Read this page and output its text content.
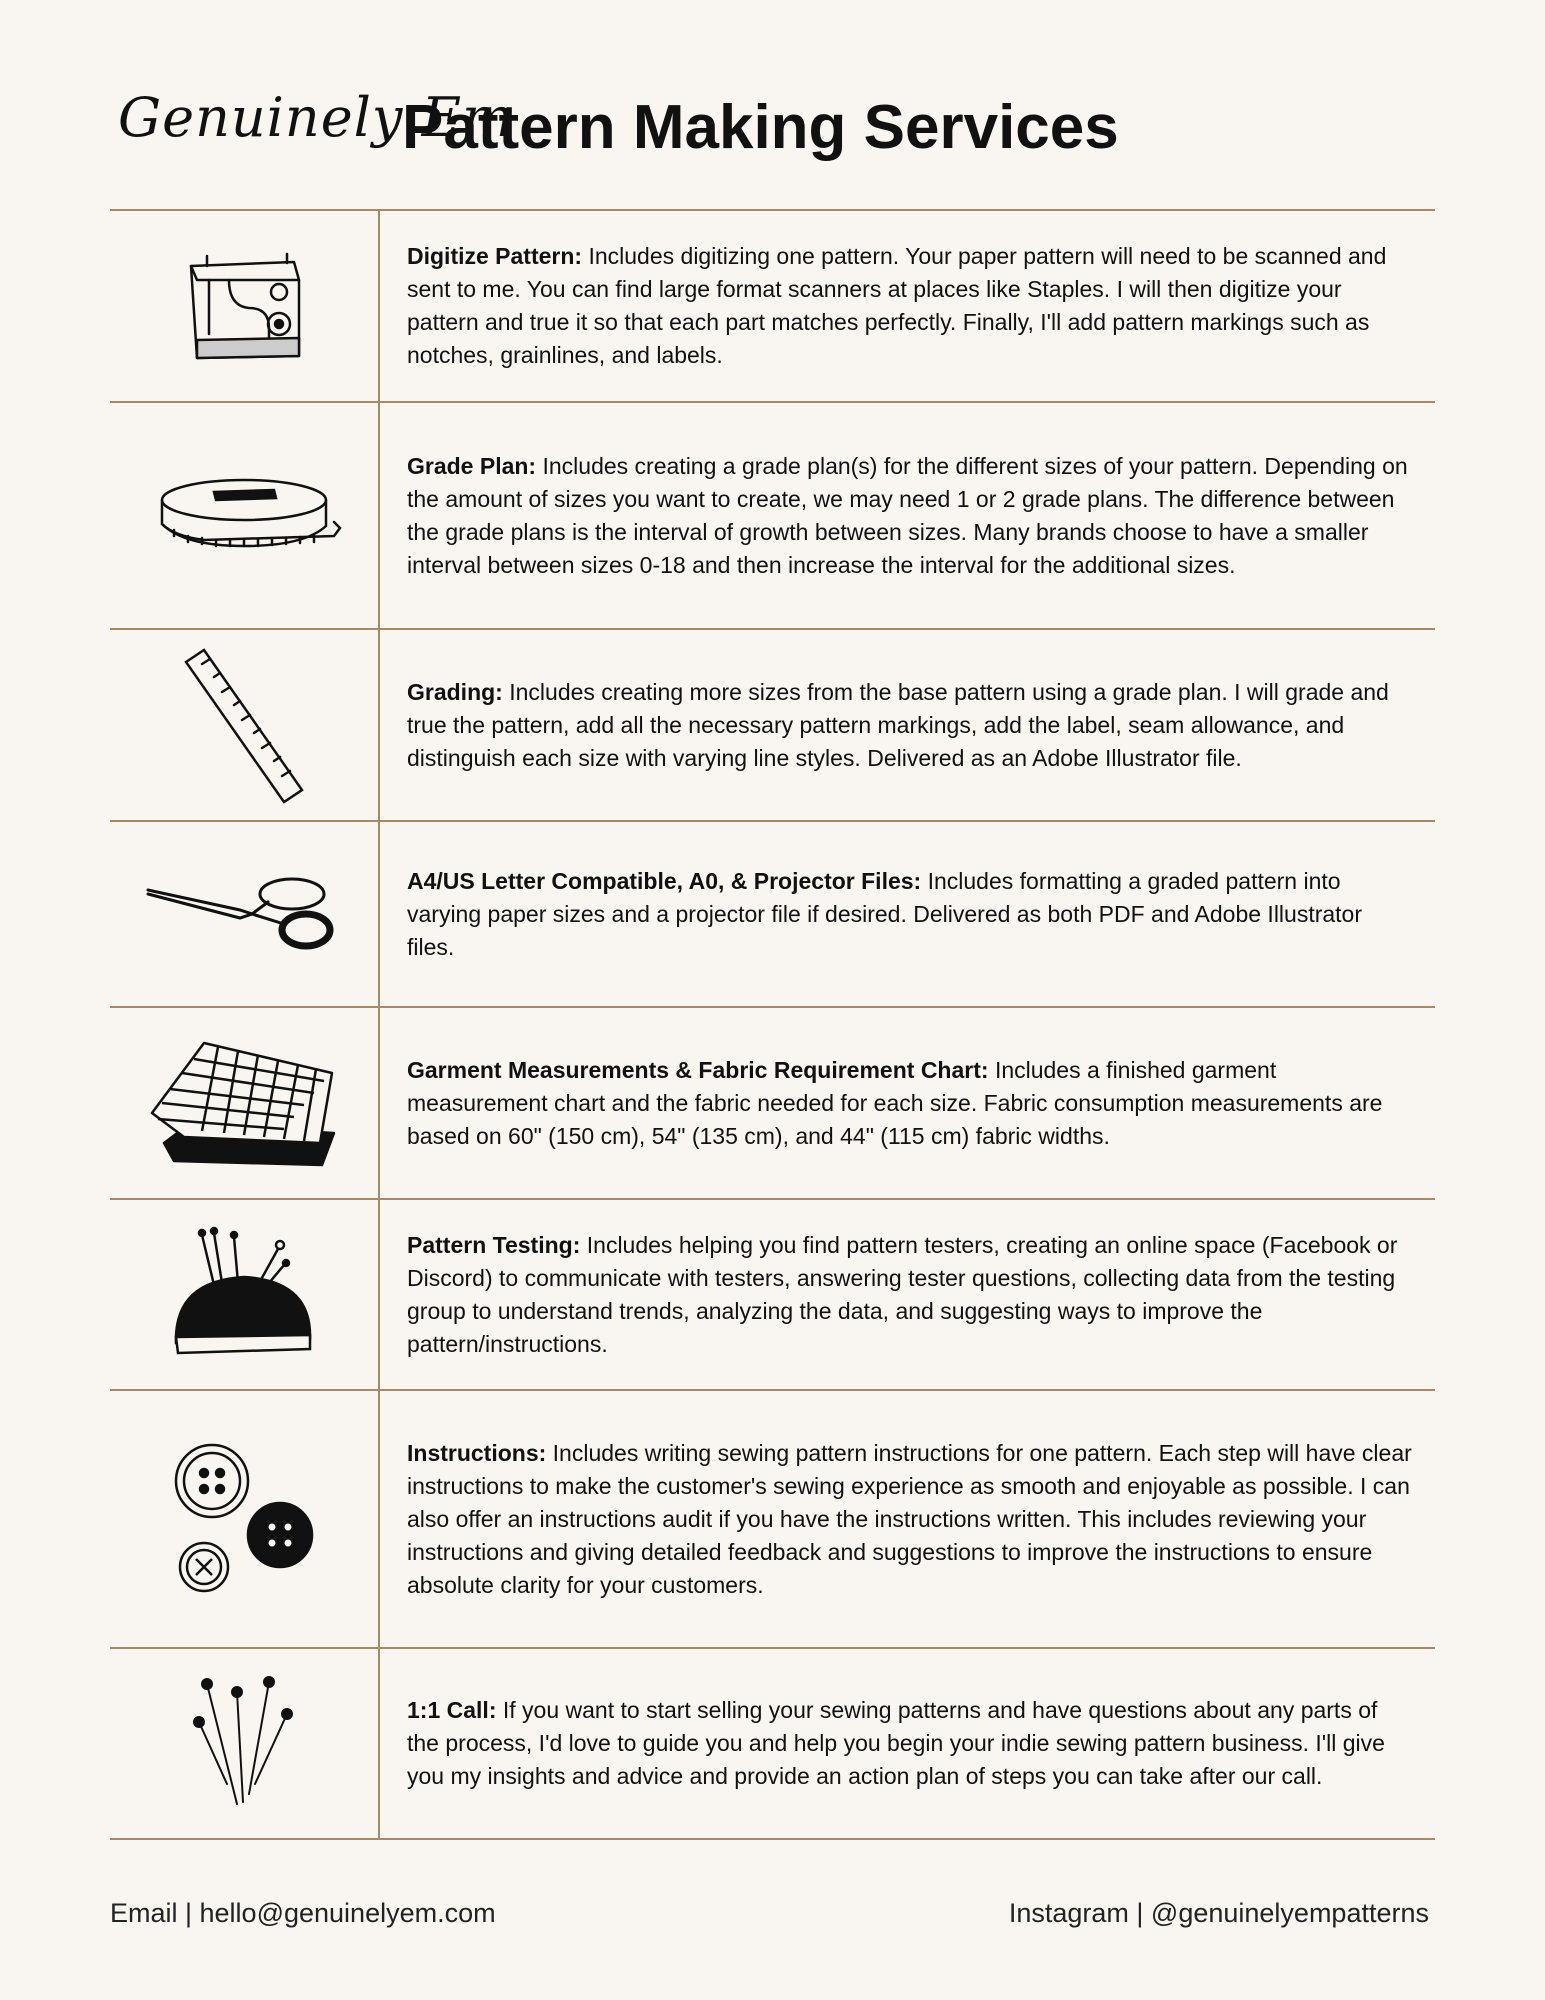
Genuinely Em
Pattern Making Services

Digitize Pattern: Includes digitizing one pattern. Your paper pattern will need to be scanned and sent to me. You can find large format scanners at places like Staples. I will then digitize your pattern and true it so that each part matches perfectly. Finally, I'll add pattern markings such as notches, grainlines, and labels.

Grade Plan: Includes creating a grade plan(s) for the different sizes of your pattern. Depending on the amount of sizes you want to create, we may need 1 or 2 grade plans. The difference between the grade plans is the interval of growth between sizes. Many brands choose to have a smaller interval between sizes 0-18 and then increase the interval for the additional sizes.

Grading: Includes creating more sizes from the base pattern using a grade plan. I will grade and true the pattern, add all the necessary pattern markings, add the label, seam allowance, and distinguish each size with varying line styles. Delivered as an Adobe Illustrator file.

A4/US Letter Compatible, A0, & Projector Files: Includes formatting a graded pattern into varying paper sizes and a projector file if desired. Delivered as both PDF and Adobe Illustrator files.

Garment Measurements & Fabric Requirement Chart: Includes a finished garment measurement chart and the fabric needed for each size. Fabric consumption measurements are based on 60" (150 cm), 54" (135 cm), and 44" (115 cm) fabric widths.

Pattern Testing: Includes helping you find pattern testers, creating an online space (Facebook or Discord) to communicate with testers, answering tester questions, collecting data from the testing group to understand trends, analyzing the data, and suggesting ways to improve the pattern/instructions.

Instructions: Includes writing sewing pattern instructions for one pattern. Each step will have clear instructions to make the customer's sewing experience as smooth and enjoyable as possible. I can also offer an instructions audit if you have the instructions written. This includes reviewing your instructions and giving detailed feedback and suggestions to improve the instructions to ensure absolute clarity for your customers.

1:1 Call: If you want to start selling your sewing patterns and have questions about any parts of the process, I'd love to guide you and help you begin your indie sewing pattern business. I'll give you my insights and advice and provide an action plan of steps you can take after our call.

Email | hello@genuinelyem.com	Instagram | @genuinelyempatterns
